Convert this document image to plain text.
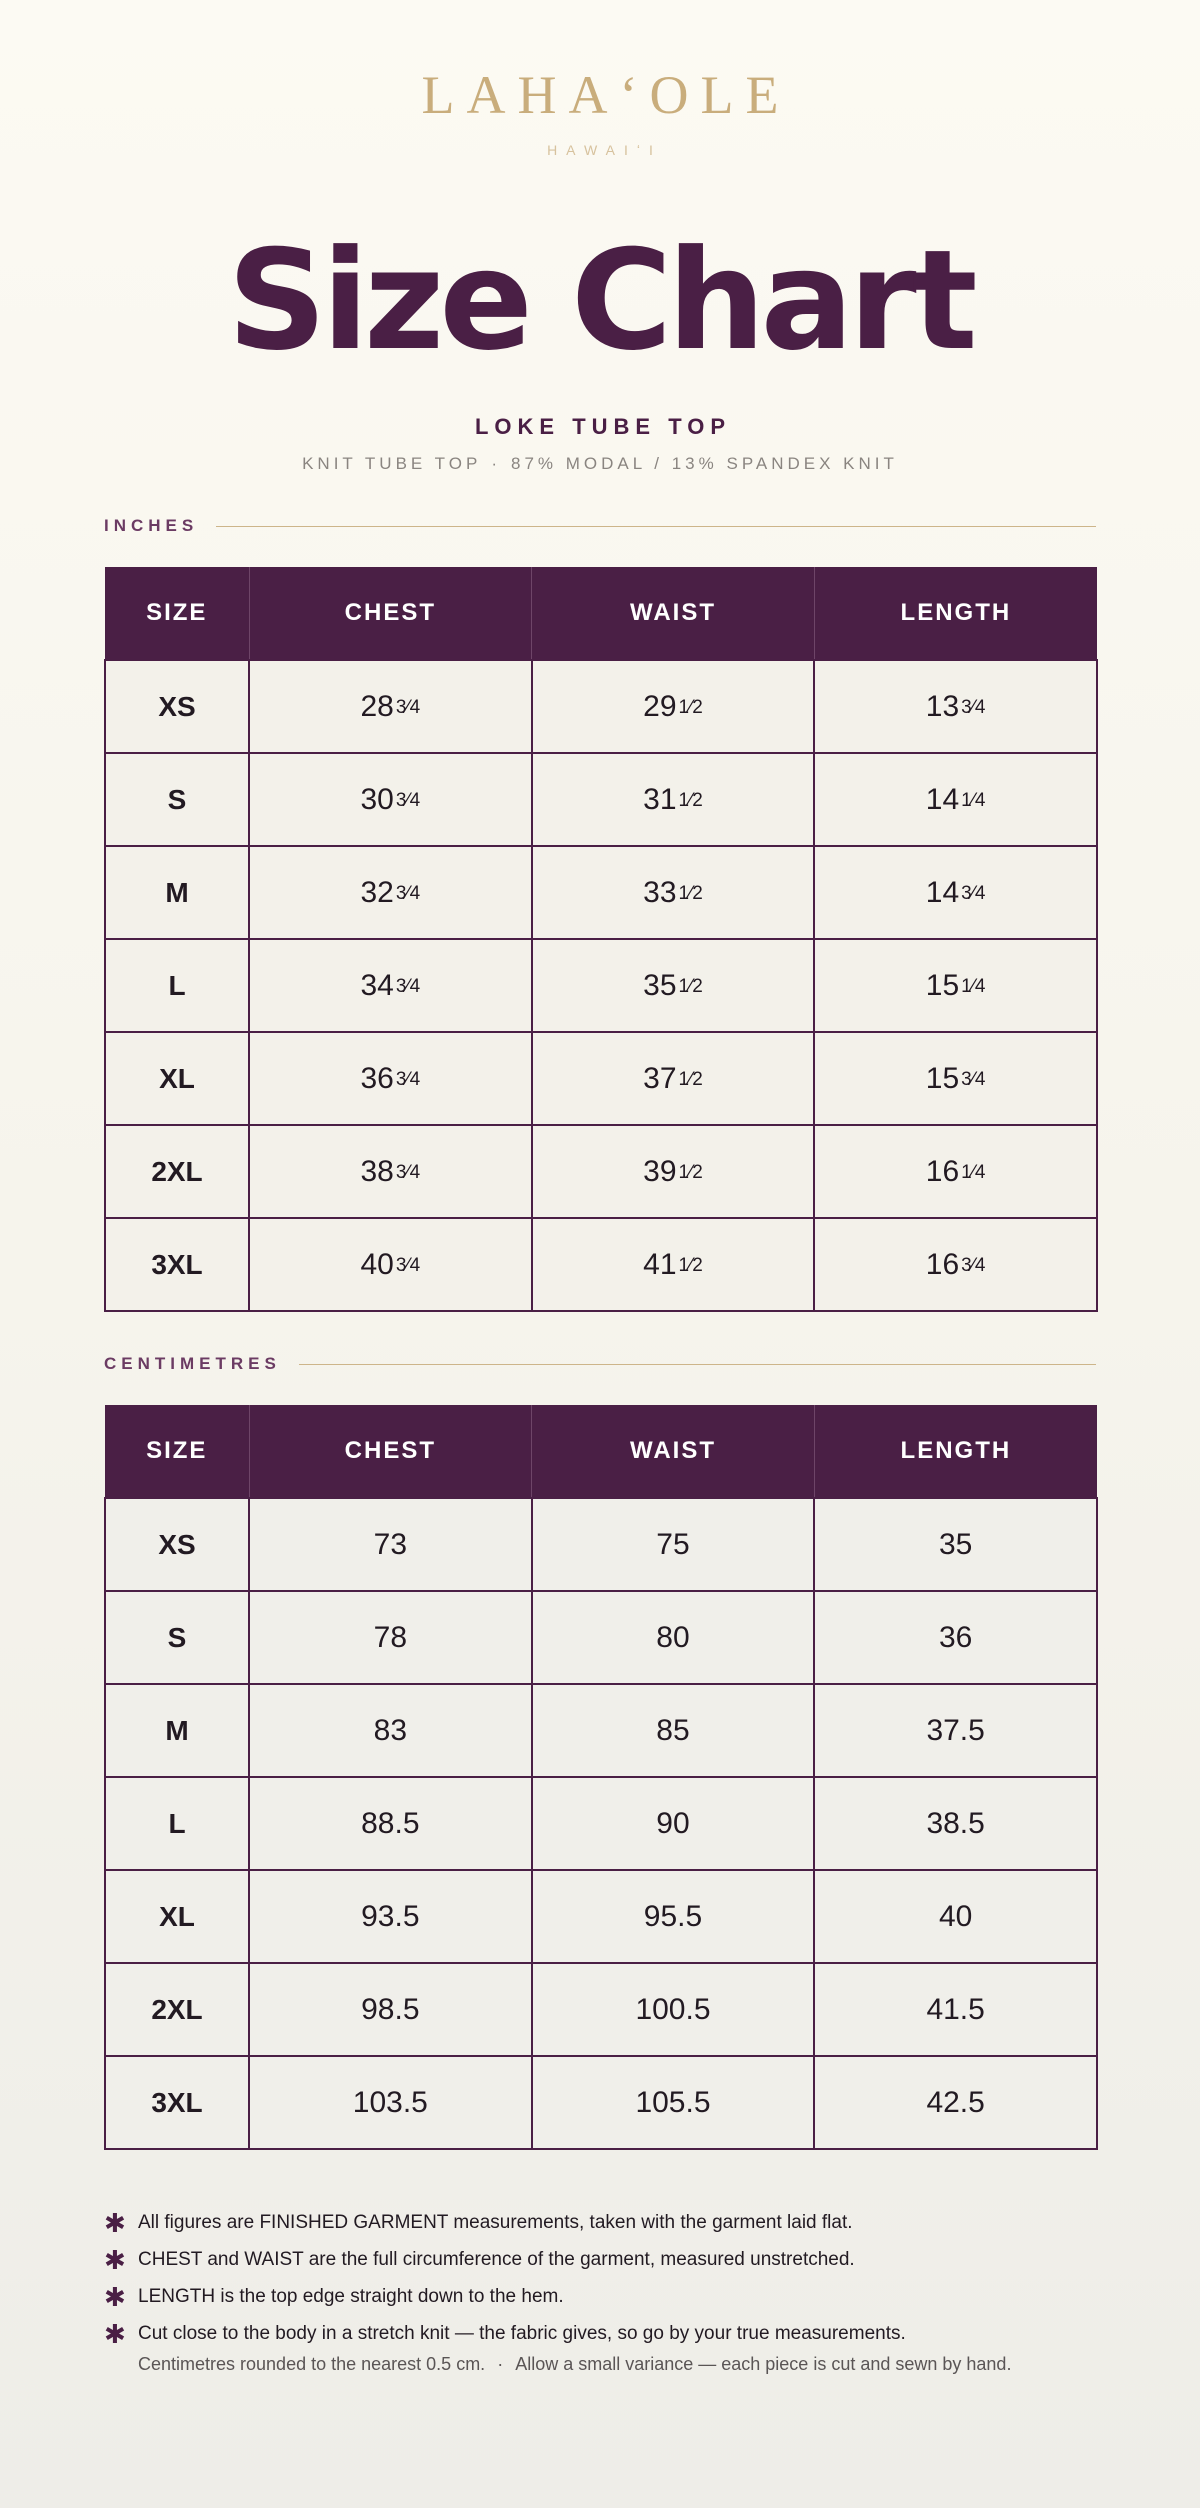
LAHAʻOLE
HAWAIʻI
Size Chart
LOKE TUBE TOP
KNIT TUBE TOP · 87% MODAL / 13% SPANDEX KNIT
INCHES
SIZE	CHEST	WAIST	LENGTH
XS	28 3⁄4	29 1⁄2	13 3⁄4
S	30 3⁄4	31 1⁄2	14 1⁄4
M	32 3⁄4	33 1⁄2	14 3⁄4
L	34 3⁄4	35 1⁄2	15 1⁄4
XL	36 3⁄4	37 1⁄2	15 3⁄4
2XL	38 3⁄4	39 1⁄2	16 1⁄4
3XL	40 3⁄4	41 1⁄2	16 3⁄4
CENTIMETRES
SIZE	CHEST	WAIST	LENGTH
XS	73	75	35
S	78	80	36
M	83	85	37.5
L	88.5	90	38.5
XL	93.5	95.5	40
2XL	98.5	100.5	41.5
3XL	103.5	105.5	42.5
✱ All figures are FINISHED GARMENT measurements, taken with the garment laid flat.
✱ CHEST and WAIST are the full circumference of the garment, measured unstretched.
✱ LENGTH is the top edge straight down to the hem.
✱ Cut close to the body in a stretch knit — the fabric gives, so go by your true measurements.
Centimetres rounded to the nearest 0.5 cm. · Allow a small variance — each piece is cut and sewn by hand.
